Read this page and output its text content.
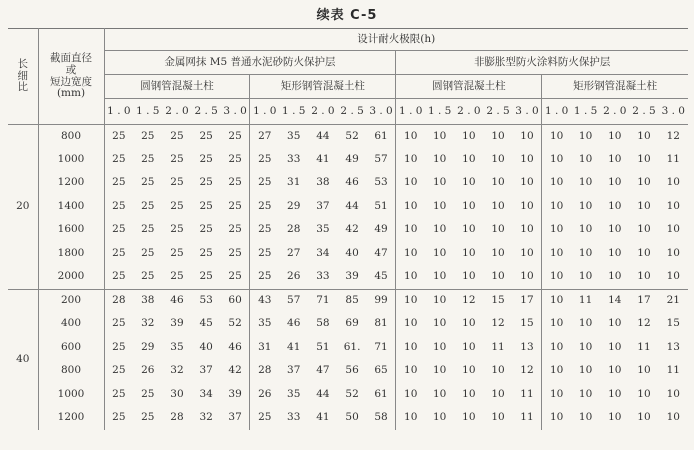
续表 C-5
长
细
比	截面直径
或
短边宽度
(mm)	设计耐火极限(h)																			
		金属网抹 M5 普通水泥砂防火保护层										非膨胀型防火涂料防火保护层									
		圆钢管混凝土柱					矩形钢管混凝土柱					圆钢管混凝土柱					矩形钢管混凝土柱				
		1 . 0	1 . 5	2 . 0	2 . 5	3 . 0	1 . 0	1 . 5	2 . 0	2 . 5	3 . 0	1 . 0	1 . 5	2 . 0	2 . 5	3 . 0	1 . 0	1 . 5	2 . 0	2 . 5	3 . 0
20	800	25	25	25	25	25	27	35	44	52	61	10	10	10	10	10	10	10	10	10	12
	1000	25	25	25	25	25	25	33	41	49	57	10	10	10	10	10	10	10	10	10	11
	1200	25	25	25	25	25	25	31	38	46	53	10	10	10	10	10	10	10	10	10	10
	1400	25	25	25	25	25	25	29	37	44	51	10	10	10	10	10	10	10	10	10	10
	1600	25	25	25	25	25	25	28	35	42	49	10	10	10	10	10	10	10	10	10	10
	1800	25	25	25	25	25	25	27	34	40	47	10	10	10	10	10	10	10	10	10	10
	2000	25	25	25	25	25	25	26	33	39	45	10	10	10	10	10	10	10	10	10	10
40	200	28	38	46	53	60	43	57	71	85	99	10	10	12	15	17	10	11	14	17	21
	400	25	32	39	45	52	35	46	58	69	81	10	10	10	12	15	10	10	10	12	15
	600	25	29	35	40	46	31	41	51	61.	71	10	10	10	11	13	10	10	10	11	13
	800	25	26	32	37	42	28	37	47	56	65	10	10	10	10	12	10	10	10	10	11
	1000	25	25	30	34	39	26	35	44	52	61	10	10	10	10	11	10	10	10	10	10
	1200	25	25	28	32	37	25	33	41	50	58	10	10	10	10	11	10	10	10	10	10
